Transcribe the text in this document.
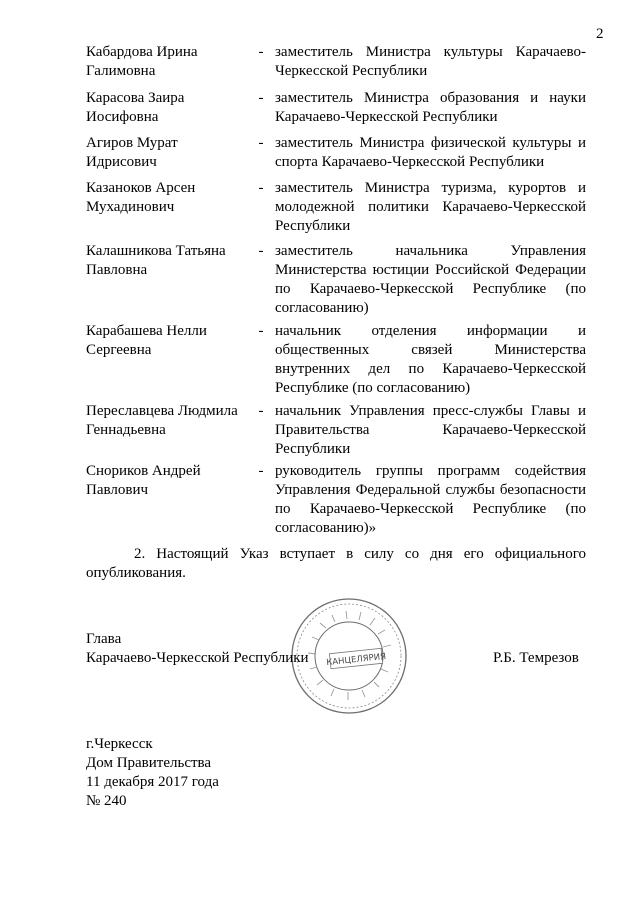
2
Кабардова Ирина
Галимовна
- заместитель Министра культуры Карачаево-Черкесской Республики
Карасова Заира
Иосифовна
- заместитель Министра образования и науки Карачаево-Черкесской Республики
Агиров Мурат
Идрисович
- заместитель Министра физической культуры и спорта Карачаево-Черкесской Республики
Казаноков Арсен
Мухадинович
- заместитель Министра туризма, курортов и молодежной политики Карачаево-Черкесской Республики
Калашникова Татьяна
Павловна
- заместитель начальника Управления Министерства юстиции Российской Федерации по Карачаево-Черкесской Республике (по согласованию)
Карабашева Нелли
Сергеевна
- начальник отделения информации и общественных связей Министерства внутренних дел по Карачаево-Черкесской Республике (по согласованию)
Переславцева Людмила
Геннадьевна
- начальник Управления пресс-службы Главы и Правительства Карачаево-Черкесской Республики
Снориков Андрей
Павлович
- руководитель группы программ содействия Управления Федеральной службы безопасности по Карачаево-Черкесской Республике (по согласованию)»
2. Настоящий Указ вступает в силу со дня его официального опубликования.
КАНЦЕЛЯРИЯ
Глава
Карачаево-Черкесской Республики	Р.Б. Темрезов
г.Черкесск
Дом Правительства
11 декабря 2017 года
№ 240
